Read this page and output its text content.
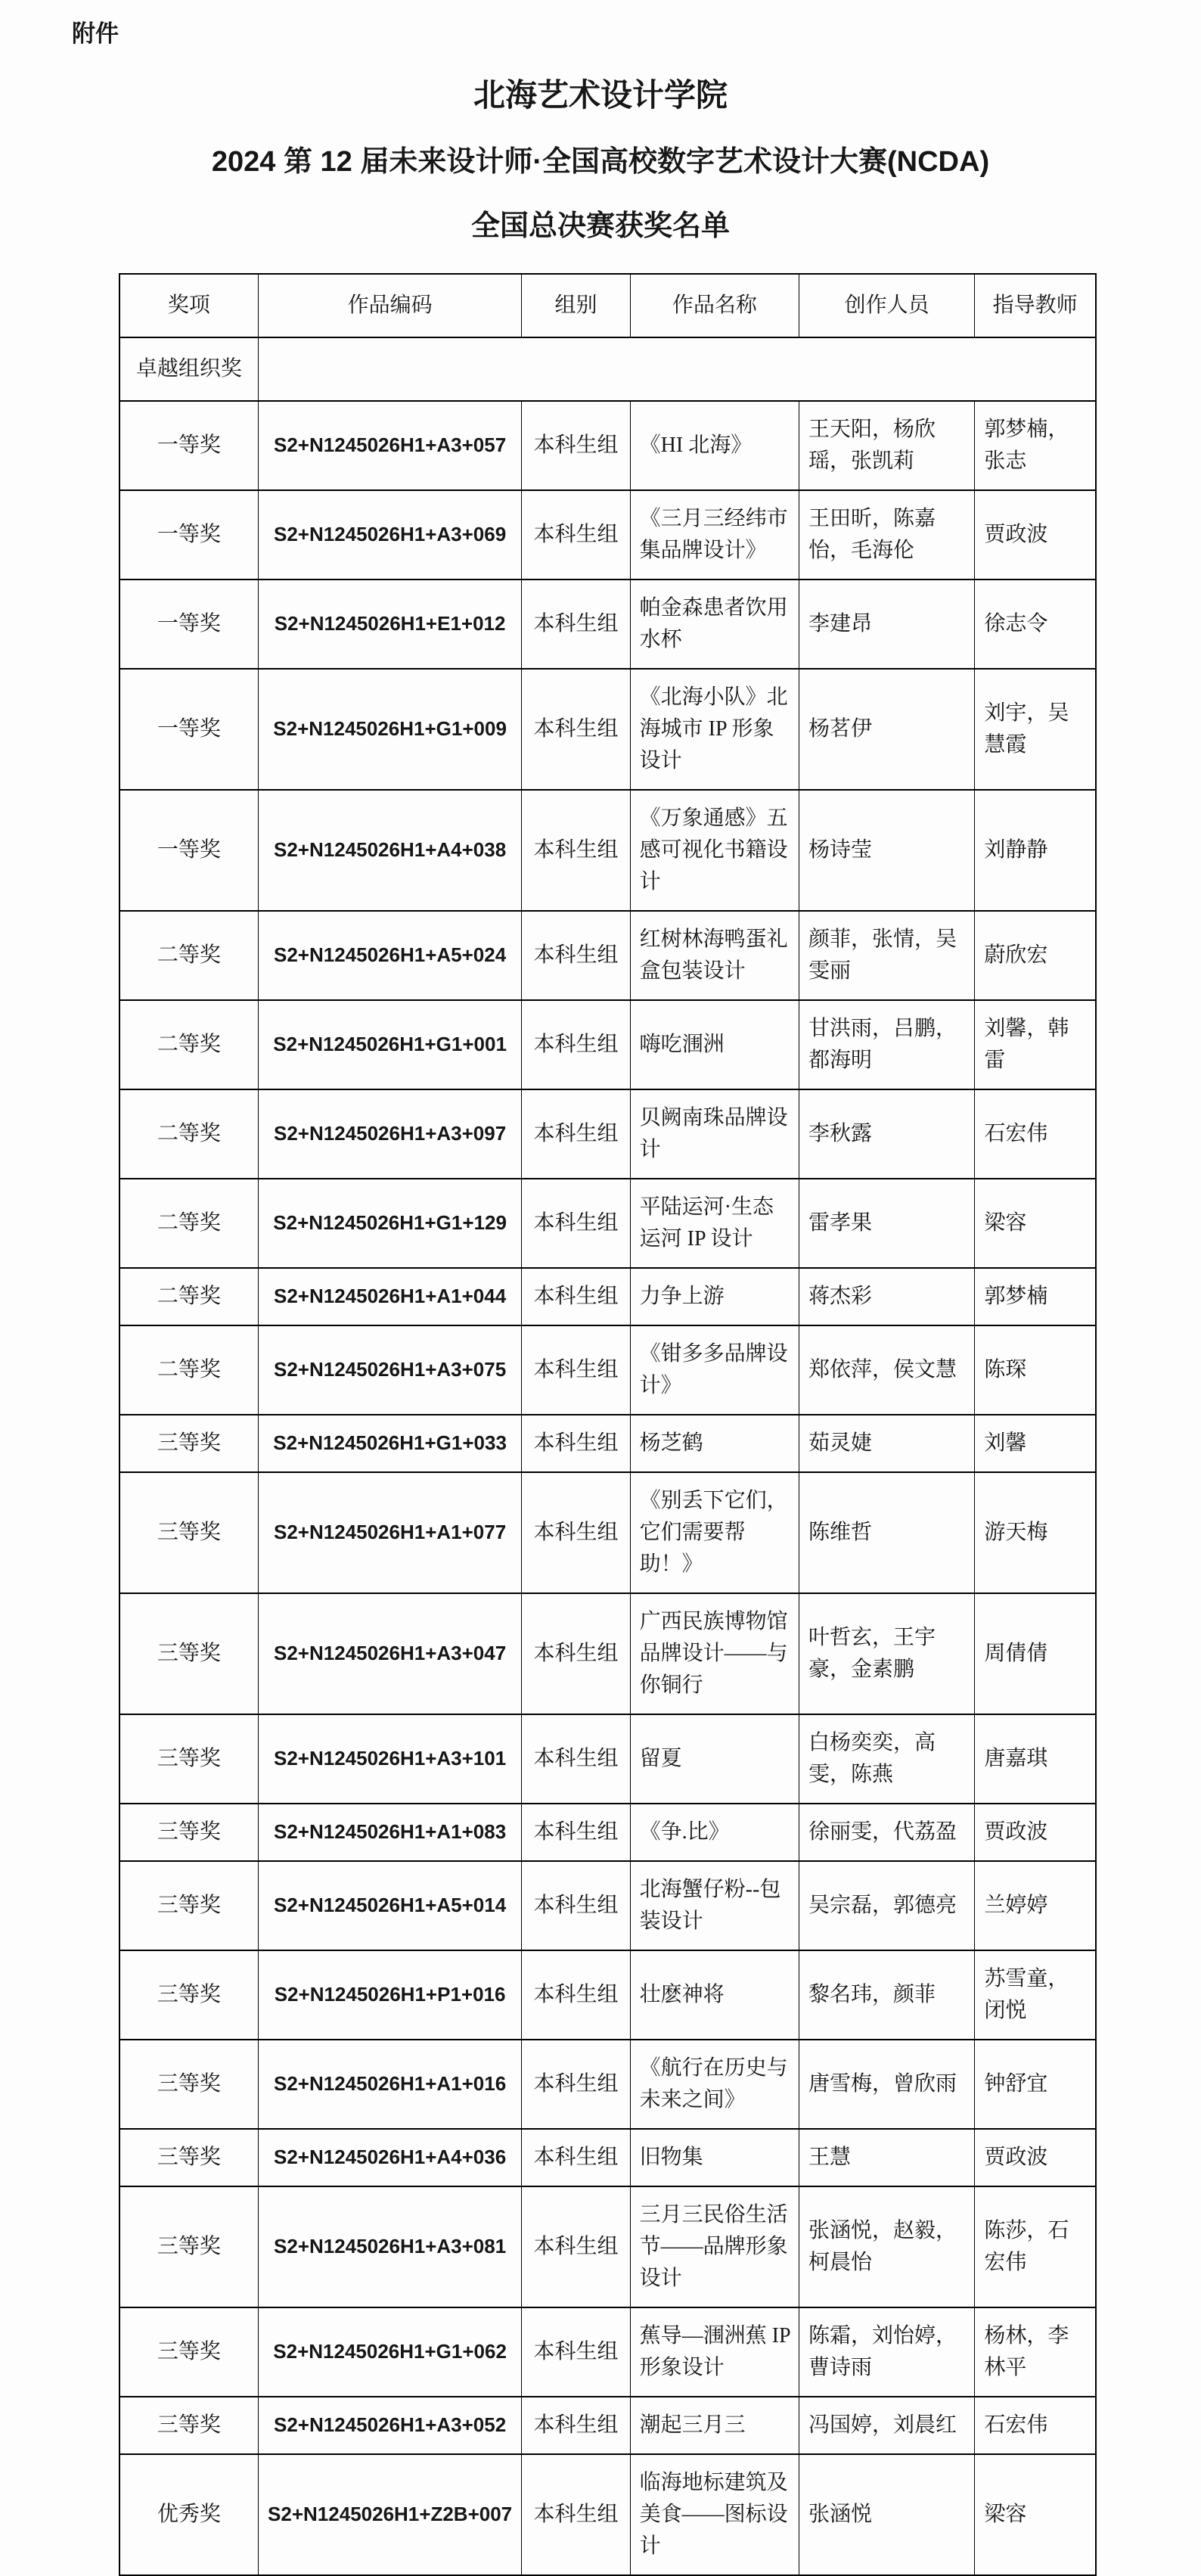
附件

北海艺术设计学院
2024 第 12 届未来设计师·全国高校数字艺术设计大赛(NCDA)
全国总决赛获奖名单
奖项	作品编码	组别	作品名称	创作人员	指导教师
卓越组织奖					
一等奖	S2+N1245026H1+A3+057	本科生组	《HI 北海》	王天阳，杨欣瑶，张凯莉	郭梦楠，张志
一等奖	S2+N1245026H1+A3+069	本科生组	《三月三经纬市集品牌设计》	王田昕，陈嘉怡，毛海伦	贾政波
一等奖	S2+N1245026H1+E1+012	本科生组	帕金森患者饮用水杯	李建昂	徐志令
一等奖	S2+N1245026H1+G1+009	本科生组	《北海小队》北海城市 IP 形象设计	杨茗伊	刘宇，吴慧霞
一等奖	S2+N1245026H1+A4+038	本科生组	《万象通感》五感可视化书籍设计	杨诗莹	刘静静
二等奖	S2+N1245026H1+A5+024	本科生组	红树林海鸭蛋礼盒包装设计	颜菲，张情，吴雯丽	蔚欣宏
二等奖	S2+N1245026H1+G1+001	本科生组	嗨吃涠洲	甘洪雨，吕鹏，都海明	刘馨，韩雷
二等奖	S2+N1245026H1+A3+097	本科生组	贝阙南珠品牌设计	李秋露	石宏伟
二等奖	S2+N1245026H1+G1+129	本科生组	平陆运河·生态运河 IP 设计	雷孝果	梁容
二等奖	S2+N1245026H1+A1+044	本科生组	力争上游	蒋杰彩	郭梦楠
二等奖	S2+N1245026H1+A3+075	本科生组	《钳多多品牌设计》	郑依萍，侯文慧	陈琛
三等奖	S2+N1245026H1+G1+033	本科生组	杨芝鹤	茹灵婕	刘馨
三等奖	S2+N1245026H1+A1+077	本科生组	《别丢下它们，它们需要帮助！》	陈维哲	游天梅
三等奖	S2+N1245026H1+A3+047	本科生组	广西民族博物馆品牌设计——与你铜行	叶哲玄，王宇豪，金素鹏	周倩倩
三等奖	S2+N1245026H1+A3+101	本科生组	留夏	白杨奕奕，高雯，陈燕	唐嘉琪
三等奖	S2+N1245026H1+A1+083	本科生组	《争.比》	徐丽雯，代荔盈	贾政波
三等奖	S2+N1245026H1+A5+014	本科生组	北海蟹仔粉--包装设计	吴宗磊，郭德亮	兰婷婷
三等奖	S2+N1245026H1+P1+016	本科生组	壮麽神将	黎名玮，颜菲	苏雪童，闭悦
三等奖	S2+N1245026H1+A1+016	本科生组	《航行在历史与未来之间》	唐雪梅，曾欣雨	钟舒宜
三等奖	S2+N1245026H1+A4+036	本科生组	旧物集	王慧	贾政波
三等奖	S2+N1245026H1+A3+081	本科生组	三月三民俗生活节——品牌形象设计	张涵悦，赵毅，柯晨怡	陈莎，石宏伟
三等奖	S2+N1245026H1+G1+062	本科生组	蕉导—涠洲蕉 IP 形象设计	陈霜，刘怡婷，曹诗雨	杨林，李林平
三等奖	S2+N1245026H1+A3+052	本科生组	潮起三月三	冯国婷，刘晨红	石宏伟
优秀奖	S2+N1245026H1+Z2B+007	本科生组	临海地标建筑及美食——图标设计	张涵悦	梁容
